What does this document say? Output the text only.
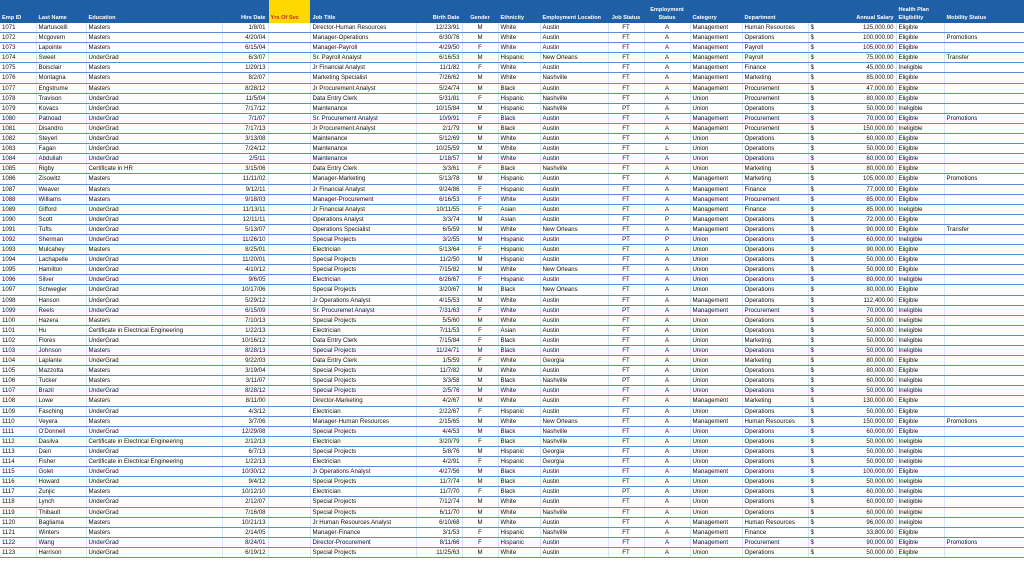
Emp ID	Last Name	Education	Hire Date	Yrs Of Svc	Job Title	Birth Date	Gender	Ethnicity	Employment Location	Job Status	Employment Status	Category	Department	Annual Salary	Health Plan Eligibility	Mobility Status
1071	Martuscelli	Masters	1/8/01		Director-Human Resources	12/23/91	M	White	Austin	FT	A	Management	Human Resources	$ 125,000.00	Eligible	
1072	Mcgovern	Masters	4/20/04		Manager-Operations	6/30/76	M	White	Austin	FT	A	Management	Operations	$ 100,000.00	Eligible	Promotions
1073	Lapointe	Masters	6/15/04		Manager-Payroll	4/29/50	F	White	Austin	FT	A	Management	Payroll	$ 105,000.00	Eligible	
1074	Sweet	UnderGrad	6/3/07		Sr. Payroll Analyst	6/16/53	M	Hispanic	New Orleans	FT	A	Management	Payroll	$ 75,000.00	Eligible	Transfer
1075	Boisclair	Masters	1/29/13		Jr Financial Analyst	11/1/82	F	White	Austin	FT	A	Management	Finance	$ 45,000.00	Ineligible	
1076	Montagna	Masters	8/2/07		Marketing Specialist	7/26/62	M	White	Nashville	FT	A	Management	Marketing	$ 85,000.00	Eligible	
1077	Engstrume	Masters	8/28/12		Jr Procurement Analyst	5/24/74	M	Black	Austin	FT	A	Management	Procurement	$ 47,000.00	Eligible	
1078	Travison	UnderGrad	11/5/04		Data Entry Clerk	5/31/81	F	Hispanic	Nashville	FT	A	Union	Procurement	$ 80,000.00	Eligible	
1079	Kovacs	UnderGrad	7/17/12		Maintenance	10/15/84	M	Hispanic	Nashville	PT	A	Union	Operations	$ 50,000.00	Ineligible	
1080	Patnoad	UnderGrad	7/1/07		Sr. Procurement Analyst	10/9/91	F	Black	Austin	FT	A	Management	Procurement	$ 70,000.00	Eligible	Promotions
1081	Disandro	UnderGrad	7/17/13		Jr Procurement Analyst	2/1/79	M	Black	Austin	FT	A	Management	Procurement	$ 150,000.00	Ineligible	
1082	Steyerl	UnderGrad	3/13/08		Maintenance	5/12/69	M	White	Austin	FT	A	Union	Operations	$ 60,000.00	Eligible	
1083	Fagan	UnderGrad	7/24/12		Maintenance	10/25/59	M	White	Austin	FT	L	Union	Operations	$ 50,000.00	Eligible	
1084	Abdullah	UnderGrad	2/5/11		Maintenance	1/18/57	M	White	Austin	FT	A	Union	Operations	$ 60,000.00	Eligible	
1085	Rigby	Certificate in HR	3/15/06		Data Entry Clerk	3/3/61	F	Black	Nashville	FT	A	Union	Marketing	$ 80,000.00	Eligible	
1086	Zisowitz	Masters	11/11/02		Manager-Marketing	5/13/78	M	Hispanic	Austin	FT	A	Management	Marketing	$ 105,000.00	Eligible	Promotions
1087	Weaver	Masters	9/12/11		Jr Financial Analyst	9/24/86	F	Hispanic	Austin	FT	A	Management	Finance	$ 77,000.00	Eligible	
1088	Williams	Masters	9/18/03		Manager-Procurement	6/16/53	F	White	Austin	FT	A	Management	Procurement	$ 85,000.00	Eligible	
1089	Gifford	UnderGrad	11/13/11		Jr Financial Analyst	10/11/55	F	Asian	Austin	FT	A	Management	Finance	$ 85,000.00	Ineligible	
1090	Scott	UnderGrad	12/11/11		Operations Analyst	3/3/74	M	Asian	Austin	FT	P	Management	Operations	$ 72,000.00	Eligible	
1091	Tufts	UnderGrad	5/13/07		Operations Specialist	6/5/59	M	White	New Orleans	FT	A	Management	Operations	$ 90,000.00	Eligible	Transfer
1092	Sherman	UnderGrad	11/26/10		Special Projects	3/2/55	M	Hispanic	Austin	PT	P	Union	Operations	$ 60,000.00	Ineligible	
1093	Mulcahey	Masters	8/25/01		Electrician	5/13/64	F	Hispanic	Austin	FT	A	Union	Operations	$ 90,000.00	Eligible	
1094	Lachapelle	UnderGrad	11/20/01		Special Projects	11/2/50	M	Hispanic	Austin	FT	A	Union	Operations	$ 50,000.00	Eligible	
1095	Hamilton	UnderGrad	4/10/12		Special Projects	7/15/82	M	White	New Orleans	FT	A	Union	Operations	$ 50,000.00	Eligible	
1096	Silver	UnderGrad	9/6/05		Electrician	6/26/67	F	Hispanic	Austin	FT	A	Union	Operations	$ 80,000.00	Ineligible	
1097	Schwegler	UnderGrad	10/17/06		Special Projects	3/20/67	M	Black	New Orleans	FT	A	Union	Operations	$ 80,000.00	Eligible	
1098	Hanson	UnderGrad	5/29/12		Jr Operations Analyst	4/15/53	M	White	Austin	FT	A	Management	Operations	$ 112,400.00	Eligible	
1099	Reels	UnderGrad	6/15/09		Sr. Procuremet Analyst	7/31/63	F	White	Austin	PT	A	Management	Procurement	$ 70,000.00	Ineligible	
1100	Hazera	Masters	7/10/13		Special Projects	5/5/60	M	White	Austin	FT	A	Union	Operations	$ 50,000.00	Ineligible	
1101	Hu	Certificate in Electrical Engineering	1/22/13		Electrician	7/11/53	F	Asian	Austin	FT	A	Union	Operations	$ 50,000.00	Ineligible	
1102	Flores	UnderGrad	10/16/12		Data Entry Clerk	7/15/84	F	Black	Austin	FT	A	Union	Marketing	$ 50,000.00	Ineligible	
1103	Johnson	Masters	8/28/13		Special Projects	11/24/71	M	Black	Austin	FT	A	Union	Operations	$ 50,000.00	Ineligible	
1104	Laplante	UnderGrad	9/22/03		Data Entry Clerk	1/5/59	F	White	Georgia	FT	A	Union	Marketing	$ 80,000.00	Eligible	
1105	Mazzotta	Masters	3/19/04		Special Projects	11/7/82	M	White	Austin	FT	A	Union	Operations	$ 80,000.00	Eligible	
1106	Tucker	Masters	3/11/07		Special Projects	3/3/58	M	Black	Nashville	PT	A	Union	Operations	$ 60,000.00	Ineligible	
1107	Brazil	UnderGrad	8/28/12		Special Projects	2/5/76	M	White	Austin	FT	A	Union	Operations	$ 50,000.00	Ineligible	
1108	Lowe	Masters	8/11/00		Director-Marketing	4/2/67	M	White	Austin	FT	A	Management	Marketing	$ 130,000.00	Eligible	
1109	Fasching	UnderGrad	4/3/12		Electrician	2/22/67	F	Hispanic	Austin	FT	A	Union	Operations	$ 50,000.00	Eligible	
1110	Veyera	Masters	3/7/06		Manager-Human Resources	2/15/65	M	White	New Orleans	FT	A	Management	Human Resources	$ 150,000.00	Eligible	Promotions
1111	O'Donnell	UnderGrad	12/29/08		Special Projects	4/4/53	M	Black	Nashville	FT	A	Union	Operations	$ 60,000.00	Eligible	
1112	Dasilva	Certificate in Electrical Engineering	2/12/13		Electrician	3/20/79	F	Black	Nashville	FT	A	Union	Operations	$ 50,000.00	Ineligible	
1113	Dain	UnderGrad	6/7/13		Special Projects	5/8/76	M	Hispanic	Georgia	FT	A	Union	Operations	$ 50,000.00	Ineligible	
1114	Fisher	Certificate in Electrical Engineering	1/22/13		Electrician	4/2/91	F	Hispanic	Georgia	FT	A	Union	Operations	$ 50,000.00	Ineligible	
1115	Golet	UnderGrad	10/30/12		Jr Operations Analyst	4/27/56	M	Black	Austin	FT	A	Management	Operations	$ 100,000.00	Eligible	
1116	Howard	UnderGrad	9/4/12		Special Projects	11/7/74	M	Black	Austin	FT	A	Union	Operations	$ 50,000.00	Ineligible	
1117	Zunjic	Masters	10/12/10		Electrician	11/7/70	F	Black	Austin	PT	A	Union	Operations	$ 60,000.00	Ineligible	
1118	Lynch	UnderGrad	2/12/07		Special Projects	7/12/74	M	White	Austin	FT	A	Union	Operations	$ 60,000.00	Ineligible	
1119	Thibault	UnderGrad	7/16/08		Special Projects	6/11/70	M	White	Nashville	FT	A	Union	Operations	$ 60,000.00	Ineligible	
1120	Bagliama	Masters	10/21/13		Jr Human Resources Analyst	6/10/68	M	White	Austin	FT	A	Management	Human Resources	$ 96,000.00	Ineligible	
1121	Winters	Masters	2/14/05		Manager-Finance	3/1/53	F	Hispanic	Nashville	FT	A	Management	Finance	$ 33,800.00	Eligible	
1122	Wang	UnderGrad	8/24/01		Director-Procurement	8/11/66	F	Hispanic	Austin	FT	A	Management	Procurement	$ 90,000.00	Eligible	Promotions
1123	Harrison	UnderGrad	6/19/12		Special Projects	11/25/63	M	White	Austin	FT	A	Union	Operations	$ 50,000.00	Eligible	
